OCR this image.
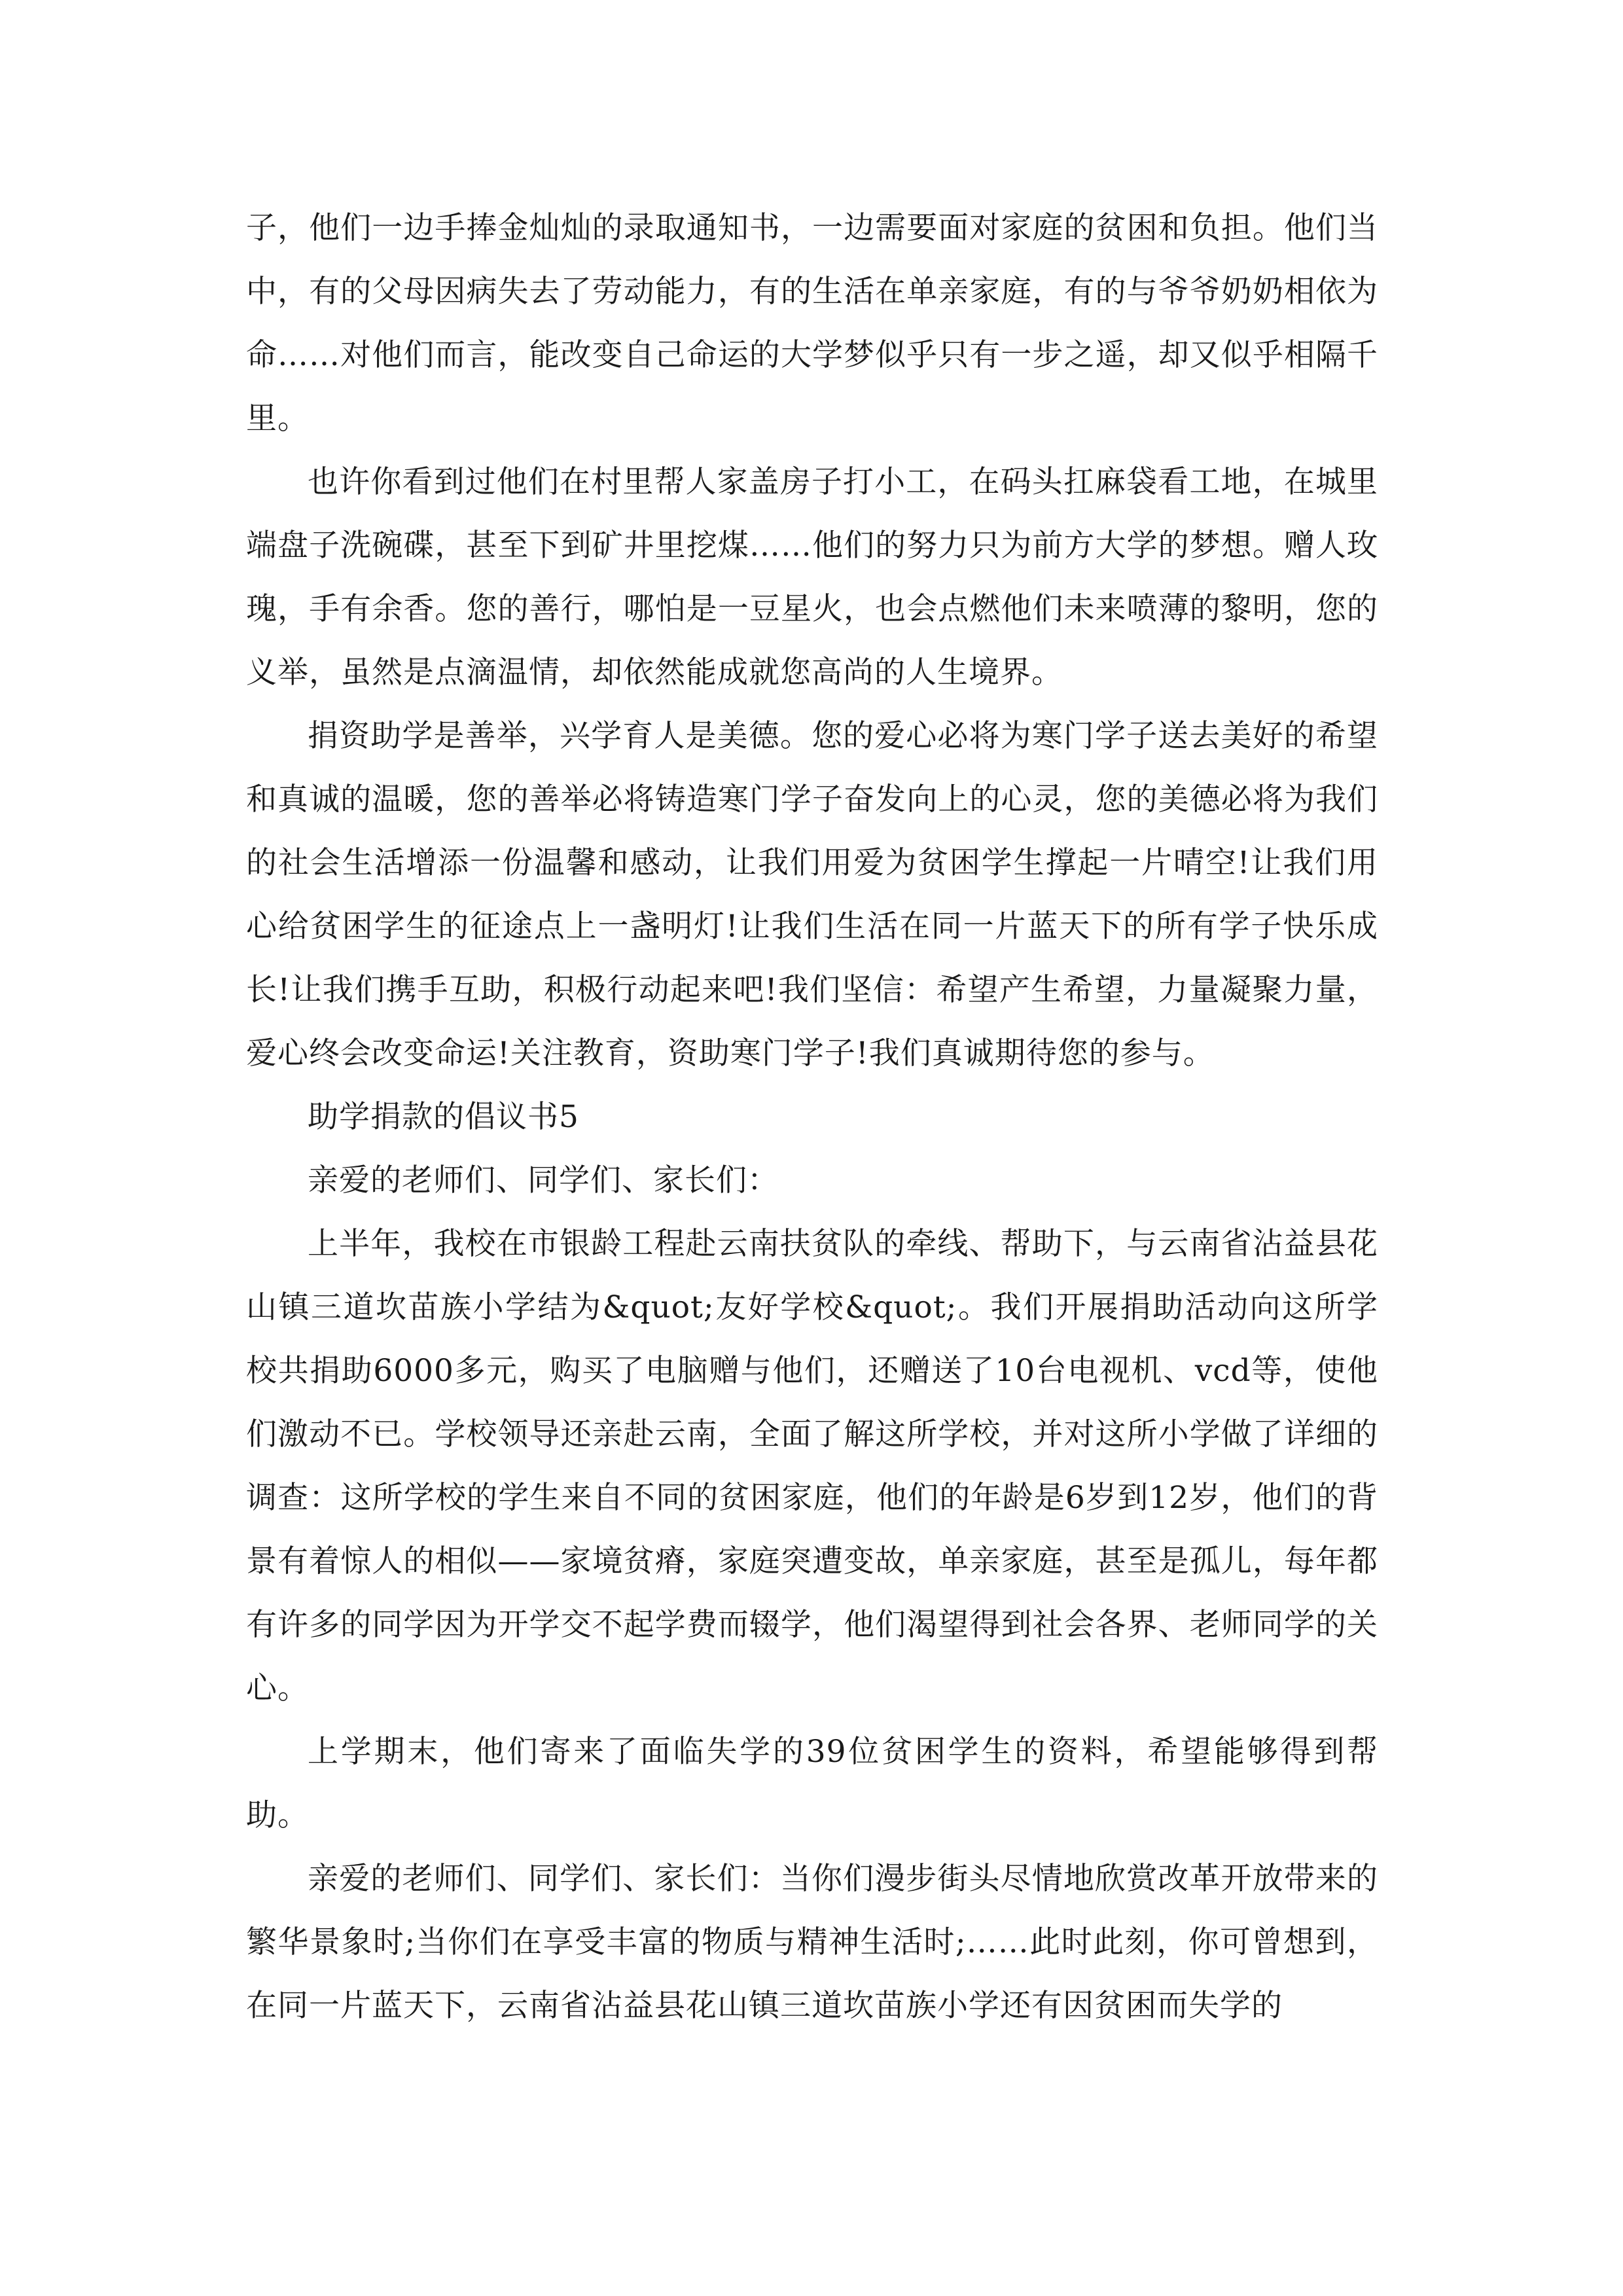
子，他们一边手捧金灿灿的录取通知书，一边需要面对家庭的贫困和负担。他们当中，有的父母因病失去了劳动能力，有的生活在单亲家庭，有的与爷爷奶奶相依为命……对他们而言，能改变自己命运的大学梦似乎只有一步之遥，却又似乎相隔千里。

也许你看到过他们在村里帮人家盖房子打小工，在码头扛麻袋看工地，在城里端盘子洗碗碟，甚至下到矿井里挖煤……他们的努力只为前方大学的梦想。赠人玫瑰，手有余香。您的善行，哪怕是一豆星火，也会点燃他们未来喷薄的黎明，您的义举，虽然是点滴温情，却依然能成就您高尚的人生境界。

捐资助学是善举，兴学育人是美德。您的爱心必将为寒门学子送去美好的希望和真诚的温暖，您的善举必将铸造寒门学子奋发向上的心灵，您的美德必将为我们的社会生活增添一份温馨和感动，让我们用爱为贫困学生撑起一片晴空!让我们用心给贫困学生的征途点上一盏明灯!让我们生活在同一片蓝天下的所有学子快乐成长!让我们携手互助，积极行动起来吧!我们坚信：希望产生希望，力量凝聚力量，爱心终会改变命运!关注教育，资助寒门学子!我们真诚期待您的参与。

助学捐款的倡议书5

亲爱的老师们、同学们、家长们：

上半年，我校在市银龄工程赴云南扶贫队的牵线、帮助下，与云南省沾益县花山镇三道坎苗族小学结为&quot;友好学校&quot;。我们开展捐助活动向这所学校共捐助6000多元，购买了电脑赠与他们，还赠送了10台电视机、vcd等，使他们激动不已。学校领导还亲赴云南，全面了解这所学校，并对这所小学做了详细的调查：这所学校的学生来自不同的贫困家庭，他们的年龄是6岁到12岁，他们的背景有着惊人的相似——家境贫瘠，家庭突遭变故，单亲家庭，甚至是孤儿，每年都有许多的同学因为开学交不起学费而辍学，他们渴望得到社会各界、老师同学的关心。

上学期末，他们寄来了面临失学的39位贫困学生的资料，希望能够得到帮助。

亲爱的老师们、同学们、家长们：当你们漫步街头尽情地欣赏改革开放带来的繁华景象时;当你们在享受丰富的物质与精神生活时;……此时此刻，你可曾想到，在同一片蓝天下，云南省沾益县花山镇三道坎苗族小学还有因贫困而失学的
